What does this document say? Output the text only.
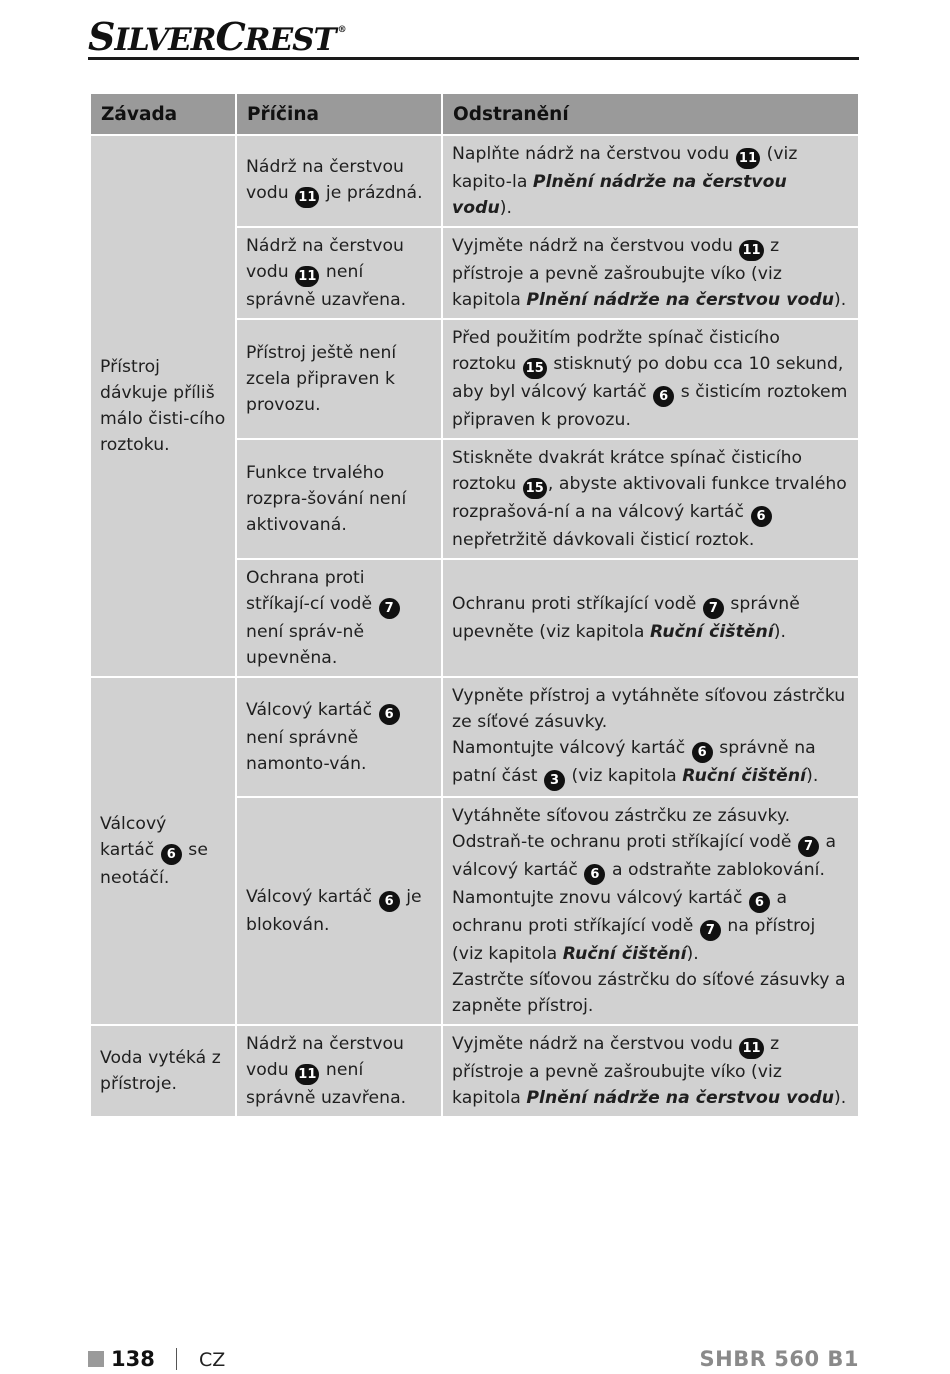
SILVERCREST ®
Závada	Příčina	Odstranění
Přístroj dávkuje příliš málo čisti-cího roztoku.	Nádrž na čerstvou vodu 11 je prázdná.	Naplňte nádrž na čerstvou vodu 11 (viz kapito-la Plnění nádrže na čerstvou vodu).
	Nádrž na čerstvou vodu 11 není správně uzavřena.	Vyjměte nádrž na čerstvou vodu 11 z přístroje a pevně zašroubujte víko (viz kapitola Plnění nádrže na čerstvou vodu).
	Přístroj ještě není zcela připraven k provozu.	Před použitím podržte spínač čisticího roztoku 15 stisknutý po dobu cca 10 sekund, aby byl válcový kartáč 6 s čisticím roztokem připraven k provozu.
	Funkce trvalého rozpra-šování není aktivovaná.	Stiskněte dvakrát krátce spínač čisticího roztoku 15 , abyste aktivovali funkce trvalého rozprašová-ní a na válcový kartáč 6 nepřetržitě dávkovali čisticí roztok.
	Ochrana proti stříkají-cí vodě 7 není správ-ně upevněna.	Ochranu proti stříkající vodě 7 správně upevněte (viz kapitola Ruční čištění).
Válcový kartáč 6 se neotáčí.	Válcový kartáč 6 není správně namonto-ván.	Vypněte přístroj a vytáhněte síťovou zástrčku ze síťové zásuvky.
Namontujte válcový kartáč 6 správně na patní část 3 (viz kapitola Ruční čištění).
	Válcový kartáč 6 je blokován.	Vytáhněte síťovou zástrčku ze zásuvky. Odstraň-te ochranu proti stříkající vodě 7 a válcový kartáč 6 a odstraňte zablokování.
Namontujte znovu válcový kartáč 6 a ochranu proti stříkající vodě 7 na přístroj (viz kapitola Ruční čištění).
Zastrčte síťovou zástrčku do síťové zásuvky a zapněte přístroj.
Voda vytéká z přístroje.	Nádrž na čerstvou vodu 11 není správně uzavřena.	Vyjměte nádrž na čerstvou vodu 11 z přístroje a pevně zašroubujte víko (viz kapitola Plnění nádrže na čerstvou vodu).
138 CZ	SHBR 560 B1
